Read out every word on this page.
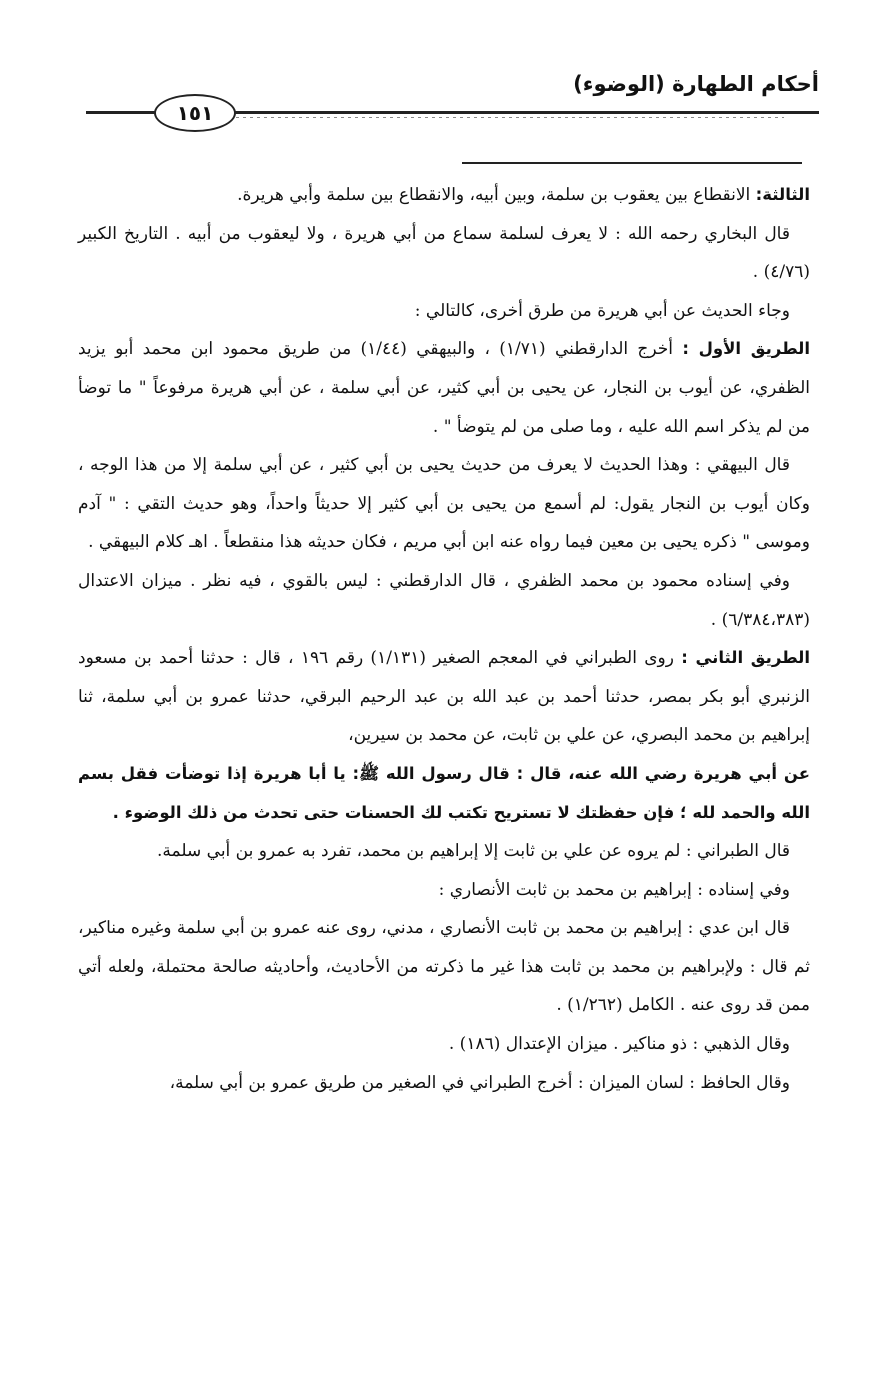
أحكام الطهارة (الوضوء)
١٥١

الثالثة: الانقطاع بين يعقوب بن سلمة، وبين أبيه، والانقطاع بين سلمة وأبي هريرة.

قال البخاري رحمه الله : لا يعرف لسلمة سماع من أبي هريرة ، ولا ليعقوب من أبيه . التاريخ الكبير (٤/٧٦) .

وجاء الحديث عن أبي هريرة من طرق أخرى، كالتالي :

الطريق الأول : أخرج الدارقطني (١/٧١) ، والبيهقي (١/٤٤) من طريق محمود ابن محمد أبو يزيد الظفري، عن أيوب بن النجار، عن يحيى بن أبي كثير، عن أبي سلمة ، عن أبي هريرة مرفوعاً " ما توضأ من لم يذكر اسم الله عليه ، وما صلى من لم يتوضأ " .

قال البيهقي : وهذا الحديث لا يعرف من حديث يحيى بن أبي كثير ، عن أبي سلمة إلا من هذا الوجه ، وكان أيوب بن النجار يقول: لم أسمع من يحيى بن أبي كثير إلا حديثاً واحداً، وهو حديث التقي : " آدم وموسى " ذكره يحيى بن معين فيما رواه عنه ابن أبي مريم ، فكان حديثه هذا منقطعاً . اهـ كلام البيهقي .

وفي إسناده محمود بن محمد الظفري ، قال الدارقطني : ليس بالقوي ، فيه نظر . ميزان الاعتدال (٦/٣٨٤،٣٨٣) .

الطريق الثاني : روى الطبراني في المعجم الصغير (١/١٣١) رقم ١٩٦ ، قال : حدثنا أحمد بن مسعود الزنبري أبو بكر بمصر، حدثنا أحمد بن عبد الله بن عبد الرحيم البرقي، حدثنا عمرو بن أبي سلمة، ثنا إبراهيم بن محمد البصري، عن علي بن ثابت، عن محمد بن سيرين،

عن أبي هريرة رضي الله عنه، قال : قال رسول الله ﷺ: يا أبا هريرة إذا توضأت فقل بسم الله والحمد لله ؛ فإن حفظتك لا تستريح تكتب لك الحسنات حتى تحدث من ذلك الوضوء .

قال الطبراني : لم يروه عن علي بن ثابت إلا إبراهيم بن محمد، تفرد به عمرو بن أبي سلمة.

وفي إسناده : إبراهيم بن محمد بن ثابت الأنصاري :

قال ابن عدي : إبراهيم بن محمد بن ثابت الأنصاري ، مدني، روى عنه عمرو بن أبي سلمة وغيره مناكير، ثم قال : ولإبراهيم بن محمد بن ثابت هذا غير ما ذكرته من الأحاديث، وأحاديثه صالحة محتملة، ولعله أتي ممن قد روى عنه . الكامل (١/٢٦٢) .

وقال الذهبي : ذو مناكير . ميزان الإعتدال (١٨٦) .

وقال الحافظ : لسان الميزان : أخرج الطبراني في الصغير من طريق عمرو بن أبي سلمة،
